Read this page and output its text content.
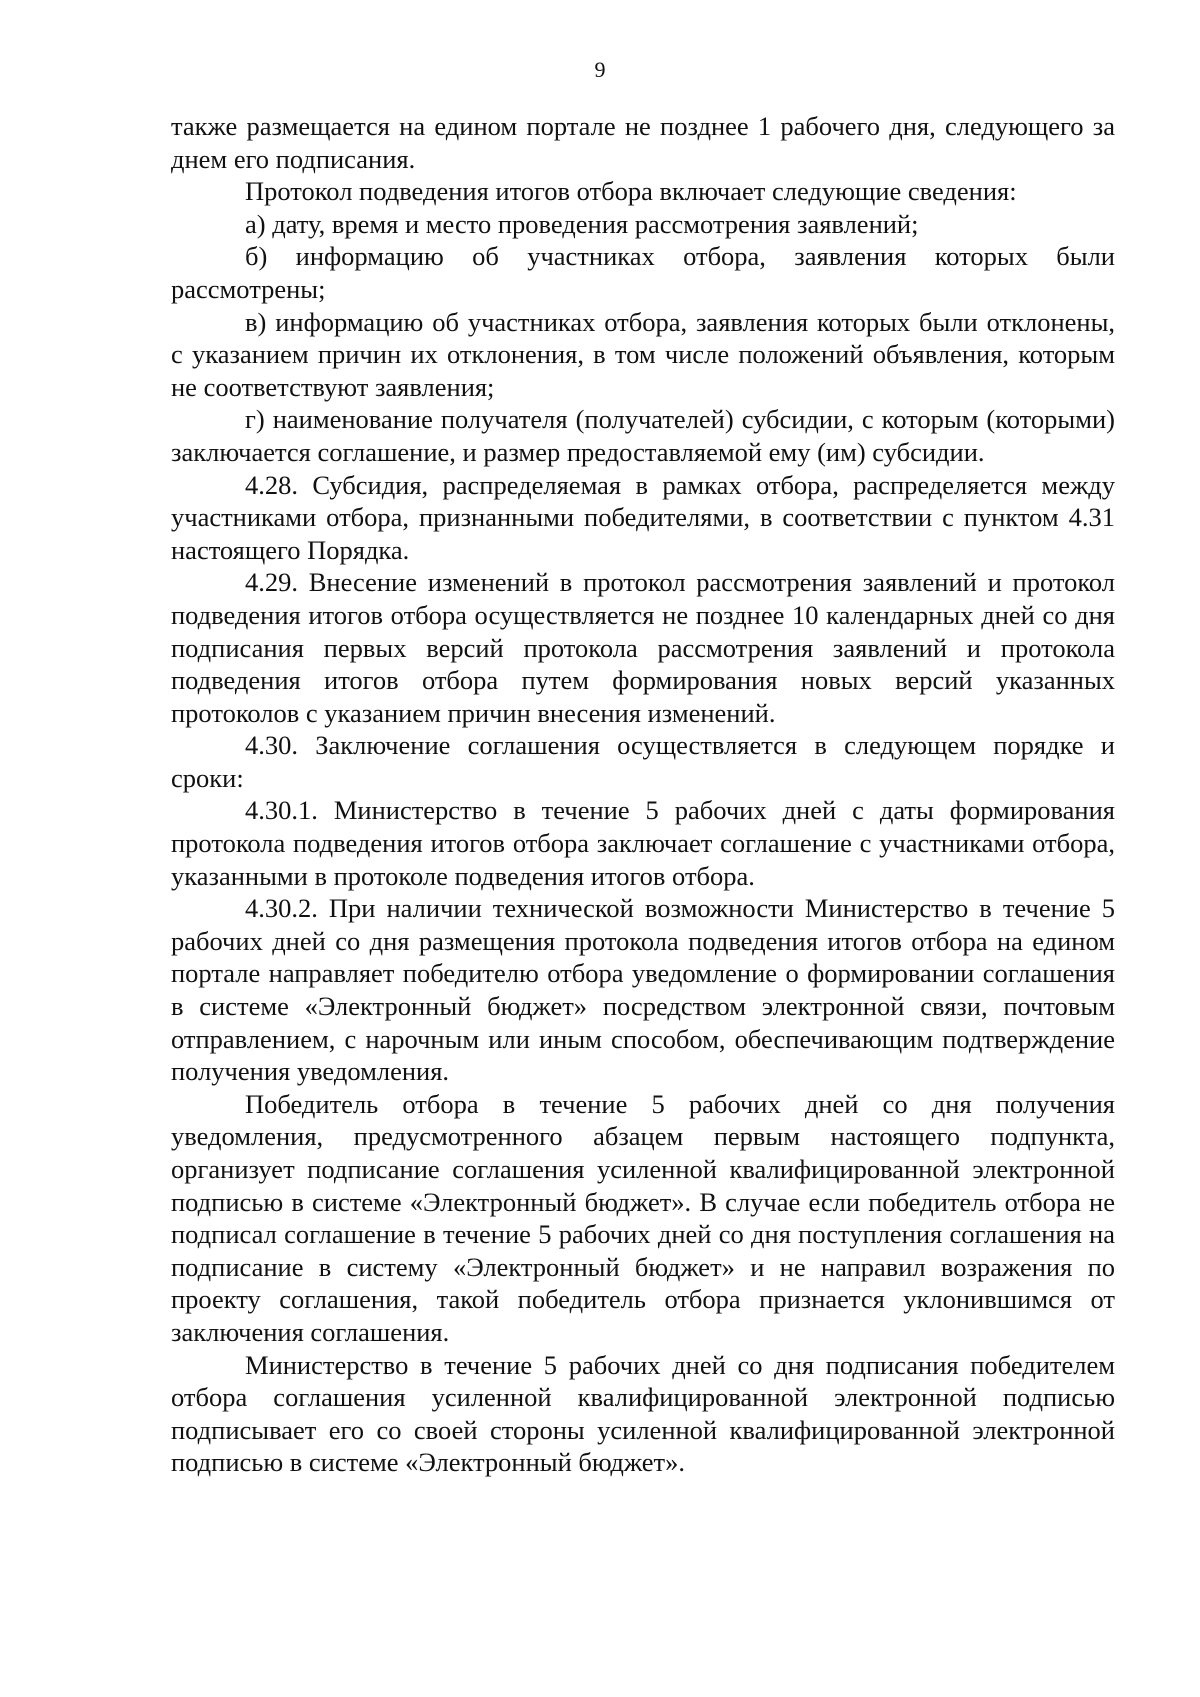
9

также размещается на едином портале не позднее 1 рабочего дня, следующего за днем его подписания.

Протокол подведения итогов отбора включает следующие сведения:

а) дату, время и место проведения рассмотрения заявлений;

б) информацию об участниках отбора, заявления которых были рассмотрены;

в) информацию об участниках отбора, заявления которых были отклонены, с указанием причин их отклонения, в том числе положений объявления, которым не соответствуют заявления;

г) наименование получателя (получателей) субсидии, с которым (которыми) заключается соглашение, и размер предоставляемой ему (им) субсидии.

4.28. Субсидия, распределяемая в рамках отбора, распределяется между участниками отбора, признанными победителями, в соответствии с пунктом 4.31 настоящего Порядка.

4.29. Внесение изменений в протокол рассмотрения заявлений и протокол подведения итогов отбора осуществляется не позднее 10 календарных дней со дня подписания первых версий протокола рассмотрения заявлений и протокола подведения итогов отбора путем формирования новых версий указанных протоколов с указанием причин внесения изменений.

4.30. Заключение соглашения осуществляется в следующем порядке и сроки:

4.30.1. Министерство в течение 5 рабочих дней с даты формирования протокола подведения итогов отбора заключает соглашение с участниками отбора, указанными в протоколе подведения итогов отбора.

4.30.2. При наличии технической возможности Министерство в течение 5 рабочих дней со дня размещения протокола подведения итогов отбора на едином портале направляет победителю отбора уведомление о формировании соглашения в системе «Электронный бюджет» посредством электронной связи, почтовым отправлением, с нарочным или иным способом, обеспечивающим подтверждение получения уведомления.

Победитель отбора в течение 5 рабочих дней со дня получения уведомления, предусмотренного абзацем первым настоящего подпункта, организует подписание соглашения усиленной квалифицированной электронной подписью в системе «Электронный бюджет». В случае если победитель отбора не подписал соглашение в течение 5 рабочих дней со дня поступления соглашения на подписание в систему «Электронный бюджет» и не направил возражения по проекту соглашения, такой победитель отбора признается уклонившимся от заключения соглашения.

Министерство в течение 5 рабочих дней со дня подписания победителем отбора соглашения усиленной квалифицированной электронной подписью подписывает его со своей стороны усиленной квалифицированной электронной подписью в системе «Электронный бюджет».
